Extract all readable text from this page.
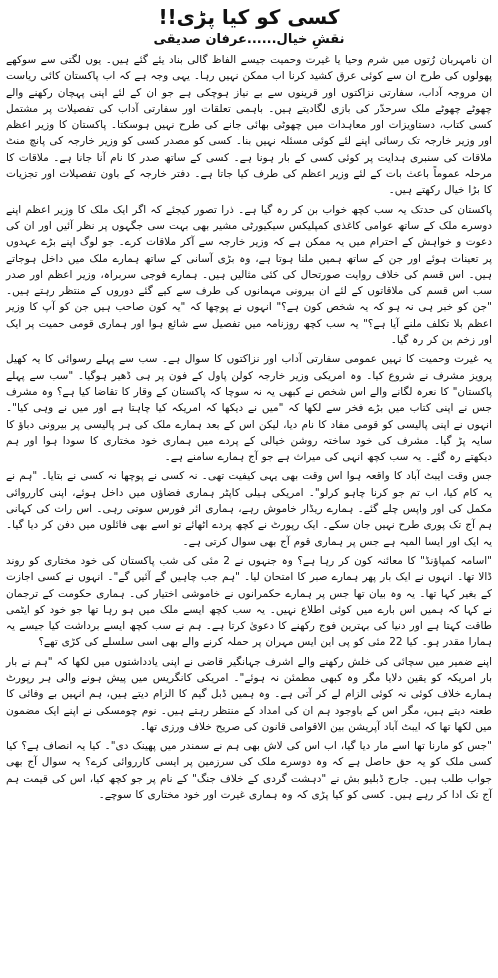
کسی کو کیا پڑی!!
نقشِ خیال......عرفان صدیقی

ان نامہربان رُتوں میں شرم وحیا یا غیرت وحمیت جیسے الفاظ گالی بناد یئے گئے ہیں۔ یوں لگتی سے سوکھے پھولوں کی طرح ان سے کوئی عرق کشید کرنا اب ممکن نہیں رہا۔ یہی وجہ ہے کہ اب پاکستان کائی ریاست ان مروجہ آداب، سفارتی نزاکتوں اور قرینوں سے بے نیاز ہوچکی ہے جو ان کے لئے اپنی پہچان رکھنے والے چھوٹے چھوٹے ملک سرحدّر کی بازی لگادیتے ہیں۔ باہمی تعلقات اور سفارتی آداب کی تفصیلات پر مشتمل کسی کتاب، دستاویزات اور معاہدات میں چھوٹی بھائی جانے کی طرح نہیں ہوسکتا۔ پاکستان کا وزیر اعظم اور وزیر خارجہ تک رسائی اپنے لئے کوئی مسئلہ نہیں بنا۔ کسی کو مصدر کسی کو وزیر خارجہ کی پانچ منٹ ملاقات کی سنبری ہدایت پر کوئی کسی کے بار ہونا ہے۔ کسی کے ساتھ صدر کا نام آنا جانا ہے۔ ملاقات کا مرحلہ عموماً باعث بات کے لئے وزیر اعظم کی طرف کیا جاتا ہے۔ دفتر خارجہ کے باون تفصیلات اور تجزیات کا بڑا خیال رکھتے ہیں۔

پاکستان کی حدتک یہ سب کچھ خواب بن کر رہ گیا ہے۔ ذرا تصور کیجئے کہ اگر ایک ملک کا وزیر اعظم اپنے دوسرے ملک کے ساتھ عوامی کاغذی کمپلیکس سیکیورٹی مشیر بھی بہت سی جگہوں پر نظر آئیں اور ان کی دعوت و خواہش کے احترام میں یہ ممکن ہے کہ وزیر خارجہ سے آکر ملاقات کرے۔ جو لوگ اپنے بڑے عہدوں پر تعینات ہوئے اور جن کے ساتھ ہمیں ملنا ہوتا ہے، وہ بڑی آسانی کے ساتھ ہمارے ملک میں داخل ہوجاتے ہیں۔ اس قسم کی خلاف روایت صورتحال کی کئی مثالیں ہیں۔ ہمارے فوجی سربراہ، وزیر اعظم اور صدر سب اس قسم کی ملاقاتوں کے لئے ان بیرونی مہمانوں کی طرف سے کیے گئے دوروں کے منتظر رہتے ہیں۔ "جن کو خبر ہی نہ ہو کہ یہ شخص کون ہے؟" انہوں نے پوچھا کہ "یہ کون صاحب ہیں جن کو آپ کا وزیر اعظم بلا تکلف ملنے آیا ہے؟" یہ سب کچھ روزنامہ میں تفصیل سے شائع ہوا اور ہماری قومی حمیت پر ایک اور زخم بن کر رہ گیا۔

یہ غیرت وحمیت کا نہیں عمومی سفارتی آداب اور نزاکتوں کا سوال ہے۔ سب سے پہلے رسوائی کا یہ کھیل پرویز مشرف نے شروع کیا۔ وہ امریکی وزیر خارجہ کولن پاول کے فون پر ہی ڈھیر ہوگیا۔ "سب سے پہلے پاکستان" کا نعرہ لگانے والے اس شخص نے کبھی یہ نہ سوچا کہ پاکستان کے وقار کا تقاضا کیا ہے؟ وہ مشرف جس نے اپنی کتاب میں بڑے فخر سے لکھا کہ "میں نے دیکھا کہ امریکہ کیا چاہتا ہے اور میں نے وہی کیا"۔ انہوں نے اپنی پالیسی کو قومی مفاد کا نام دیا، لیکن اس کے بعد ہمارے ملک کی ہر پالیسی پر بیرونی دباؤ کا سایہ پڑ گیا۔ مشرف کی خود ساختہ روشن خیالی کے پردے میں ہماری خود مختاری کا سودا ہوا اور ہم دیکھتے رہ گئے۔ یہ سب کچھ انہی کی میراث ہے جو آج ہمارے سامنے ہے۔

جس وقت ایبٹ آباد کا واقعہ ہوا اس وقت بھی یہی کیفیت تھی۔ نہ کسی نے پوچھا نہ کسی نے بتایا۔ "ہم نے یہ کام کیا، اب تم جو کرنا چاہو کرلو"۔ امریکی ہیلی کاپٹر ہماری فضاؤں میں داخل ہوئے، اپنی کارروائی مکمل کی اور واپس چلے گئے۔ ہمارے ریڈار خاموش رہے، ہماری ائر فورس سوتی رہی۔ اس رات کی کہانی ہم آج تک پوری طرح نہیں جان سکے۔ ایک رپورٹ نے کچھ پردے اٹھائے تو اسے بھی فائلوں میں دفن کر دیا گیا۔ یہ ایک اور ایسا المیہ ہے جس پر ہماری قوم آج بھی سوال کرتی ہے۔

"اسامہ کمپاؤنڈ" کا معائنہ کون کر رہا ہے؟ وہ جنہوں نے 2 مئی کی شب پاکستان کی خود مختاری کو روند ڈالا تھا۔ انہوں نے ایک بار پھر ہمارے صبر کا امتحان لیا۔ "ہم جب چاہیں گے آئیں گے"۔ انہوں نے کسی اجازت کے بغیر کہا تھا۔ یہ وہ بیان تھا جس پر ہمارے حکمرانوں نے خاموشی اختیار کی۔ ہماری حکومت کے ترجمان نے کہا کہ ہمیں اس بارے میں کوئی اطلاع نہیں۔ یہ سب کچھ ایسے ملک میں ہو رہا تھا جو خود کو ایٹمی طاقت کہتا ہے اور دنیا کی بہترین فوج رکھنے کا دعویٰ کرتا ہے۔ ہم نے سب کچھ ایسے برداشت کیا جیسے یہ ہمارا مقدر ہو۔ کیا 22 مئی کو پی این ایس مہران پر حملہ کرنے والے بھی اسی سلسلے کی کڑی تھے؟

اپنے ضمیر میں سچائی کی خلش رکھنے والے اشرف جہانگیر قاضی نے اپنی یادداشتوں میں لکھا کہ "ہم نے بار بار امریکہ کو یقین دلایا مگر وہ کبھی مطمئن نہ ہوئے"۔ امریکی کانگریس میں پیش ہونے والی ہر رپورٹ ہمارے خلاف کوئی نہ کوئی الزام لے کر آتی ہے۔ وہ ہمیں ڈبل گیم کا الزام دیتے ہیں، ہم انہیں بے وفائی کا طعنہ دیتے ہیں، مگر اس کے باوجود ہم ان کی امداد کے منتظر رہتے ہیں۔ نوم چومسکی نے اپنے ایک مضمون میں لکھا تھا کہ ایبٹ آباد آپریشن بین الاقوامی قانون کی صریح خلاف ورزی تھا۔

"جس کو مارنا تھا اسے مار دیا گیا، اب اس کی لاش بھی ہم نے سمندر میں پھینک دی"۔ کیا یہ انصاف ہے؟ کیا کسی ملک کو یہ حق حاصل ہے کہ وہ دوسرے ملک کی سرزمین پر ایسی کارروائی کرے؟ یہ سوال آج بھی جواب طلب ہیں۔ جارج ڈبلیو بش نے "دہشت گردی کے خلاف جنگ" کے نام پر جو کچھ کیا، اس کی قیمت ہم آج تک ادا کر رہے ہیں۔ کسی کو کیا پڑی کہ وہ ہماری غیرت اور خود مختاری کا سوچے۔
